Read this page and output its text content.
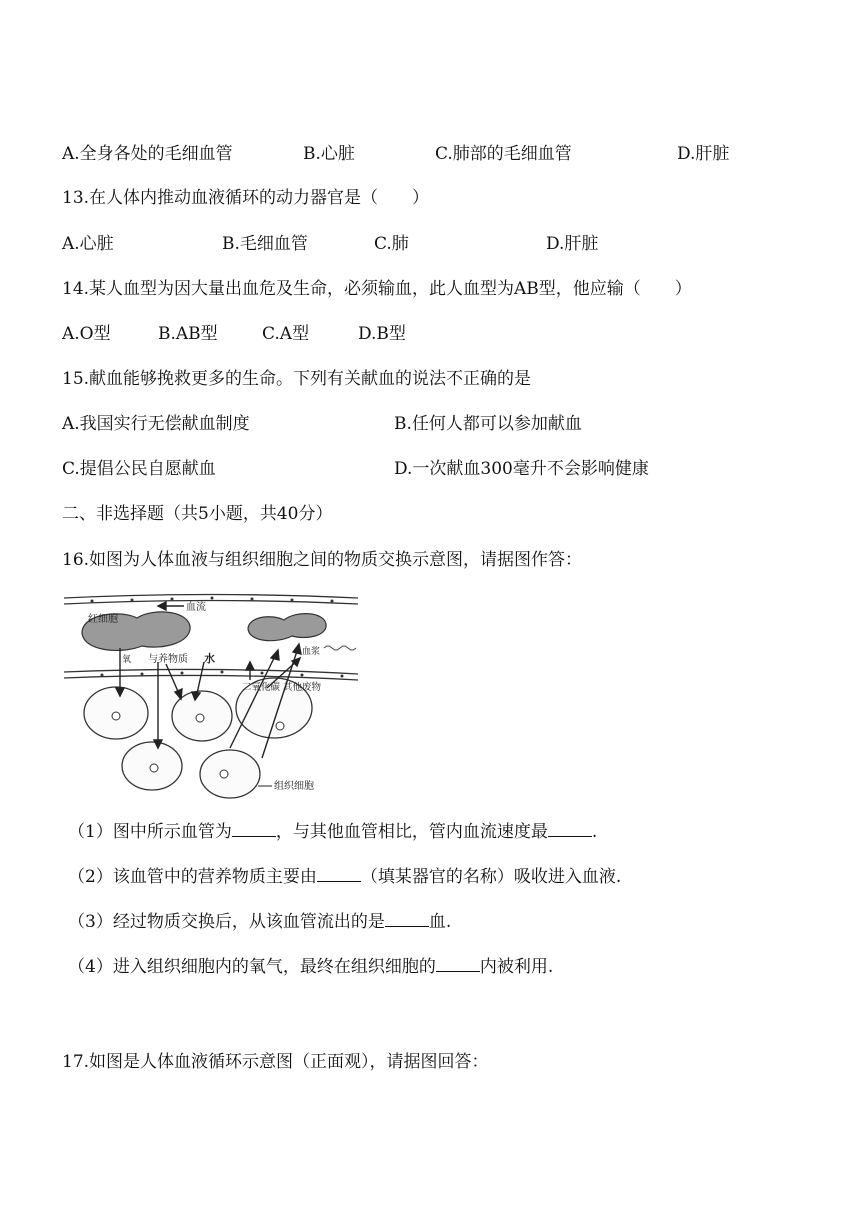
A.全身各处的毛细血管	B.心脏	C.肺部的毛细血管	D.肝脏
13.在人体内推动血液循环的动力器官是（　　）
A.心脏	B.毛细血管	C.肺	D.肝脏
14.某人血型为因大量出血危及生命，必须输血，此人血型为AB型，他应输（　　）
A.O型	B.AB型	C.A型	D.B型
15.献血能够挽救更多的生命。下列有关献血的说法不正确的是
A.我国实行无偿献血制度	B.任何人都可以参加献血
C.提倡公民自愿献血	D.一次献血300毫升不会影响健康
二、非选择题（共5小题，共40分）
16.如图为人体血液与组织细胞之间的物质交换示意图，请据图作答：
红细胞
血流
氧 与养物质 水	血浆
二氧化碳 其他废物
组织细胞
（1）图中所示血管为	，与其他血管相比，管内血流速度最	.
（2）该血管中的营养物质主要由	（填某器官的名称）吸收进入血液.
（3）经过物质交换后，从该血管流出的是	血.
（4）进入组织细胞内的氧气，最终在组织细胞的	内被利用.
17.如图是人体血液循环示意图（正面观），请据图回答：
